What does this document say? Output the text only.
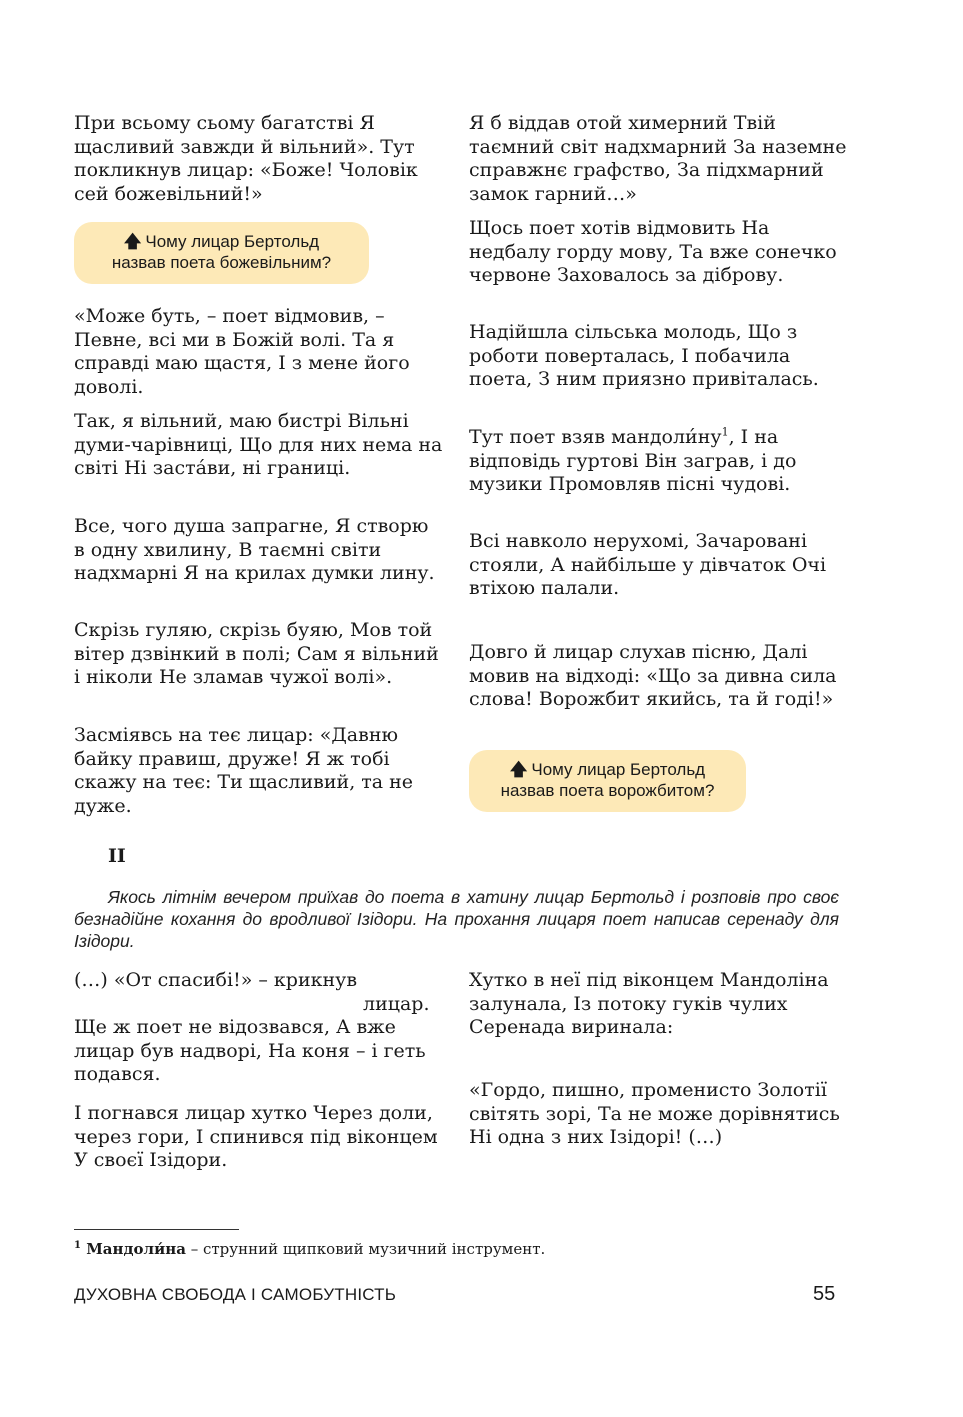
При всьому сьому багатстві Я щасливий завжди й вільний». Тут покликнув лицар: «Боже! Чоловік сей божевільний!»
🡅 Чому лицар Бертольд
назвав поета божевільним?
«Може буть, – поет відмовив, – Певне, всі ми в Божій волі. Та я справді маю щастя, І з мене його доволі.
Так, я вільний, маю бистрі Вільні думи-чарівниці, Що для них нема на світі Ні застáви, ні границі.
Все, чого душа запрагне, Я створю в одну хвилину, В таємні світи надхмарні Я на крилах думки лину.
Скрізь гуляю, скрізь буяю, Мов той вітер дзвінкий в полі; Сам я вільний і ніколи Не зламав чужої волі».
Засміявсь на теє лицар: «Давню байку правиш, друже! Я ж тобі скажу на теє: Ти щасливий, та не дуже.
Я б віддав отой химерний Твій таємний світ надхмарний За наземне справжнє графство, За підхмарний замок гарний…»
Щось поет хотів відмовить На недбалу горду мову, Та вже сонечко червоне Заховалось за діброву.
Надійшла сільська молодь, Що з роботи поверталась, І побачила поета, З ним приязно привіталась.
Тут поет взяв $мандоли́ну^1$, І на відповідь гуртові Він заграв, і до музики Промовляв пісні чудові.
Всі навколо нерухомі, Зачаровані стояли, А найбільше у дівчаток Очі втіхою палали.
Довго й лицар слухав пісню, Далі мовив на відході: «Що за дивна сила слова! Ворожбит якийсь, та й годі!»
🡅 Чому лицар Бертольд
назвав поета ворожбитом?
ІІ
Якось літнім вечером приїхав до поета в хатину лицар Бертольд і розповів про своє безнадійне кохання до вродливої Ізідори. На прохання лицаря поет написав серенаду для Ізідори.
(…) «От спасибі!» – крикнув лицар. Ще ж поет не відозвався, А вже лицар був надворі, На коня – і геть подався.
І погнався лицар хутко Через доли, через гори, І спинився під віконцем У своєї Ізідори.
Хутко в неї під віконцем Мандоліна залунала, Із потоку гуків чулих Серенада виринала:
«Гордо, пишно, променисто Золотії світять зорі, Та не може дорівнятись Ні одна з них Ізідорі! (…)
$^1$ Мандоли́на – струнний щипковий музичний інструмент.
ДУХОВНА СВОБОДА І САМОБУТНІСТЬ	55
